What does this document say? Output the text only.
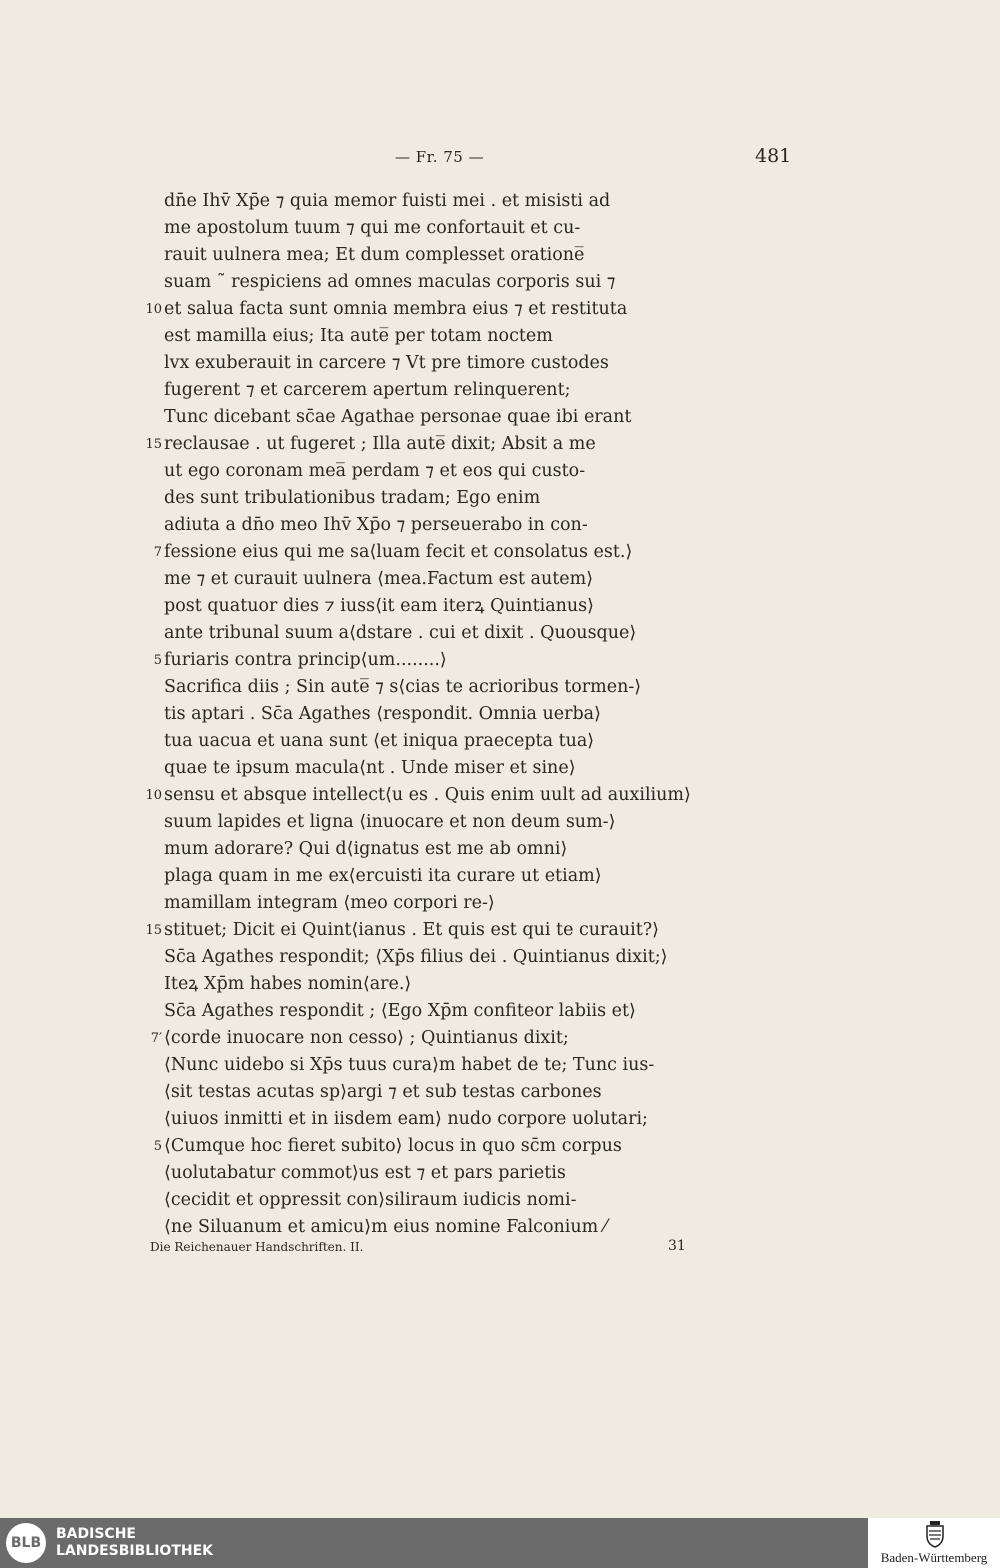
— Fr. 75 —	481
dn̄e Ihv̄ Xp̄e ⁊ quia memor fuisti mei . et misisti ad
me apostolum tuum ⁊ qui me confortauit et cu-
rauit uulnera mea; Et dum complesset oratione̅
suam ˜ respiciens ad omnes maculas corporis sui ⁊
10 et salua facta sunt omnia membra eius ⁊ et restituta
est mamilla eius; Ita aute̅ per totam noctem
lvx exuberauit in carcere ⁊ Vt pre timore custodes
fugerent ⁊ et carcerem apertum relinquerent;
Tunc dicebant sc̄ae Agathae personae quae ibi erant
15 reclausae . ut fugeret ; Illa aute̅ dixit; Absit a me
ut ego coronam mea̅ perdam ⁊ et eos qui custo-
des sunt tribulationibus tradam; Ego enim
adiuta a dn̄o meo Ihv̄ Xp̄o ⁊ perseuerabo in con-
7 fessione eius qui me sa⟨luam fecit et consolatus est.⟩
me ⁊ et curauit uulnera ⟨mea.Factum est autem⟩
post quatuor dies ⁊ iuss⟨it eam iterꝝ Quintianus⟩
ante tribunal suum a⟨dstare . cui et dixit . Quousque⟩
5 furiaris contra princip⟨um........⟩
Sacrifica diis ; Sin aute̅ ⁊ s⟨cias te acrioribus tormen-⟩
tis aptari . Sc̄a Agathes ⟨respondit. Omnia uerba⟩
tua uacua et uana sunt ⟨et iniqua praecepta tua⟩
quae te ipsum macula⟨nt . Unde miser et sine⟩
10 sensu et absque intellect⟨u es . Quis enim uult ad auxilium⟩
suum lapides et ligna ⟨inuocare et non deum sum-⟩
mum adorare? Qui d⟨ignatus est me ab omni⟩
plaga quam in me ex⟨ercuisti ita curare ut etiam⟩
mamillam integram ⟨meo corpori re-⟩
15 stituet; Dicit ei Quint⟨ianus . Et quis est qui te curauit?⟩
Sc̄a Agathes respondit; ⟨Xp̄s filius dei . Quintianus dixit;⟩
Iteꝝ Xp̄m habes nomin⟨are.⟩
Sc̄a Agathes respondit ; ⟨Ego Xp̄m confiteor labiis et⟩
7′ ⟨corde inuocare non cesso⟩ ; Quintianus dixit;
⟨Nunc uidebo si Xp̄s tuus cura⟩m habet de te; Tunc ius-
⟨sit testas acutas sp⟩argi ⁊ et sub testas carbones
⟨uiuos inmitti et in iisdem eam⟩ nudo corpore uolutari;
5 ⟨Cumque hoc fieret subito⟩ locus in quo sc̄m corpus
⟨uolutabatur commot⟩us est ⁊ et pars parietis
⟨cecidit et oppressit con⟩siliraum iudicis nomi-
⟨ne Siluanum et amicu⟩m eius nomine Falconium ⁄
Die Reichenauer Handschriften. II.	31
BLB
BADISCHE
LANDESBIBLIOTHEK	Baden-Württemberg
